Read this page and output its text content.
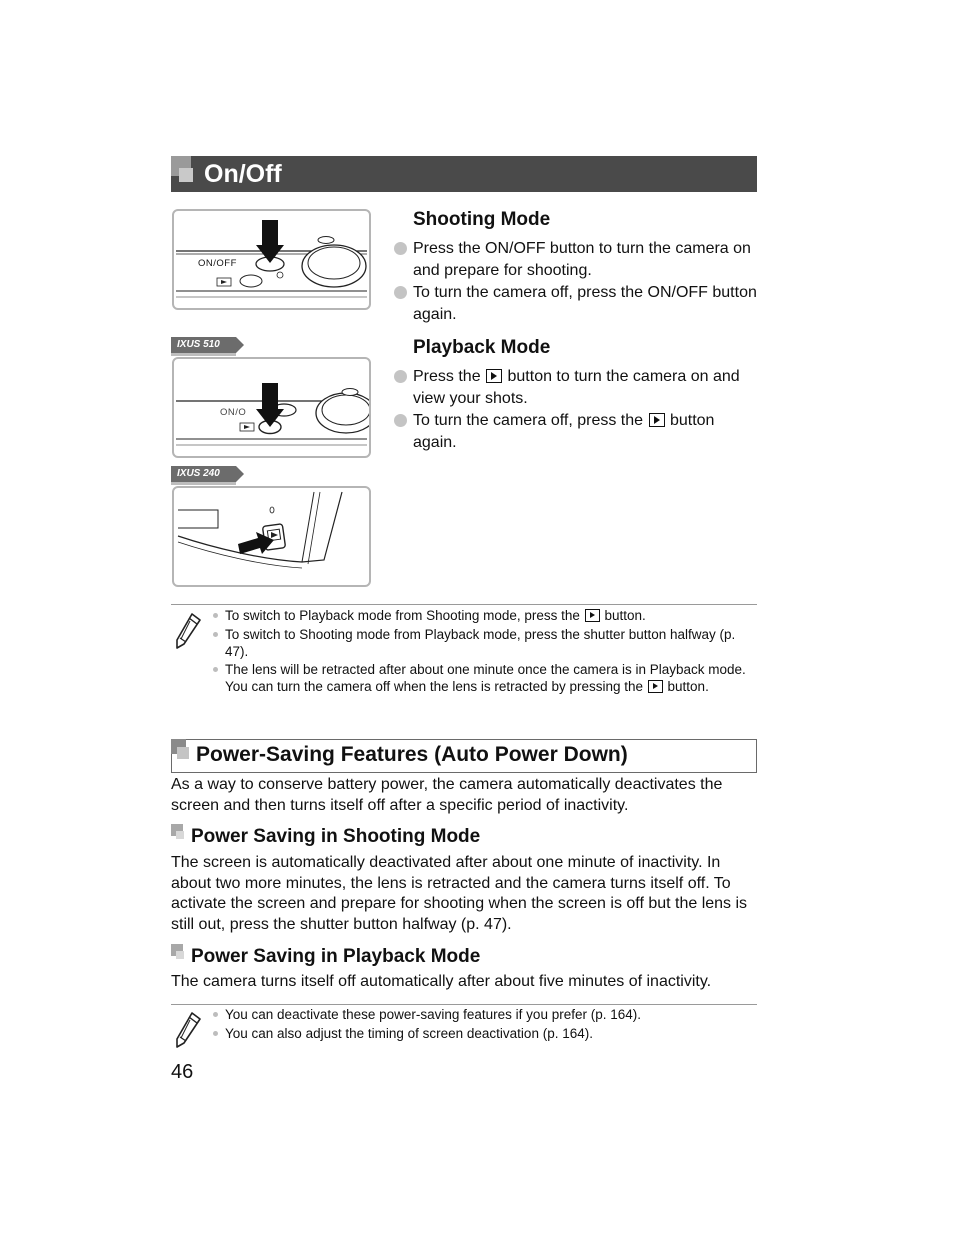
On/Off
ON/OFF
IXUS 510
ON/O
IXUS 240
Shooting Mode
Press the ON/OFF button to turn the camera on and prepare for shooting.
To turn the camera off, press the ON/OFF button again.
Playback Mode
Press the button to turn the camera on and view your shots.
To turn the camera off, press the button again.
To switch to Playback mode from Shooting mode, press the button.
To switch to Shooting mode from Playback mode, press the shutter button halfway (p. 47).
The lens will be retracted after about one minute once the camera is in Playback mode. You can turn the camera off when the lens is retracted by pressing the button.
Power-Saving Features (Auto Power Down)
As a way to conserve battery power, the camera automatically deactivates the screen and then turns itself off after a specific period of inactivity.
Power Saving in Shooting Mode
The screen is automatically deactivated after about one minute of inactivity. In about two more minutes, the lens is retracted and the camera turns itself off. To activate the screen and prepare for shooting when the screen is off but the lens is still out, press the shutter button halfway (p. 47).
Power Saving in Playback Mode
The camera turns itself off automatically after about five minutes of inactivity.
You can deactivate these power-saving features if you prefer (p. 164).
You can also adjust the timing of screen deactivation (p. 164).
46
